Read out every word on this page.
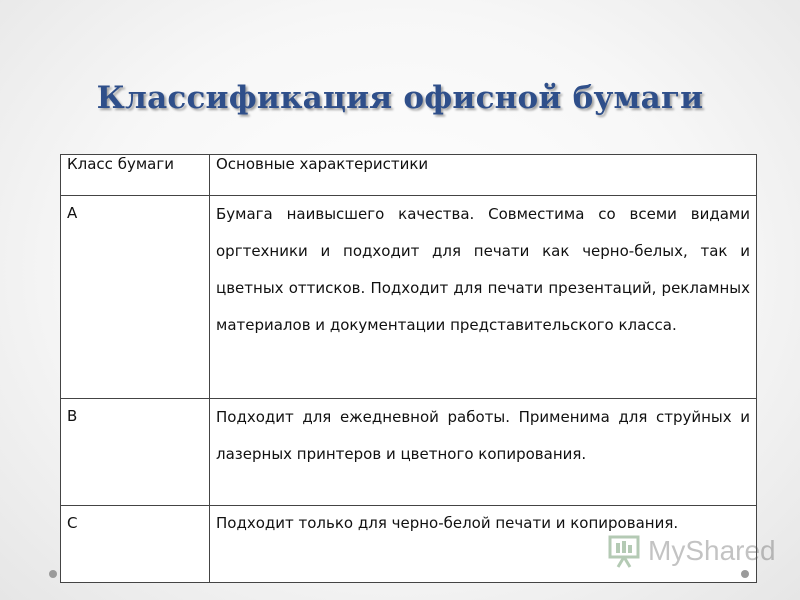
Классификация офисной бумаги
Класс бумаги	Основные характеристики
А	Бумага наивысшего качества. Совместима со всеми видами оргтехники и подходит для печати как черно-белых, так и цветных оттисков. Подходит для печати презентаций, рекламных материалов и документации представительского класса.
В	Подходит для ежедневной работы. Применима для струйных и лазерных принтеров и цветного копирования.
С	Подходит только для черно-белой печати и копирования.
MyShared
